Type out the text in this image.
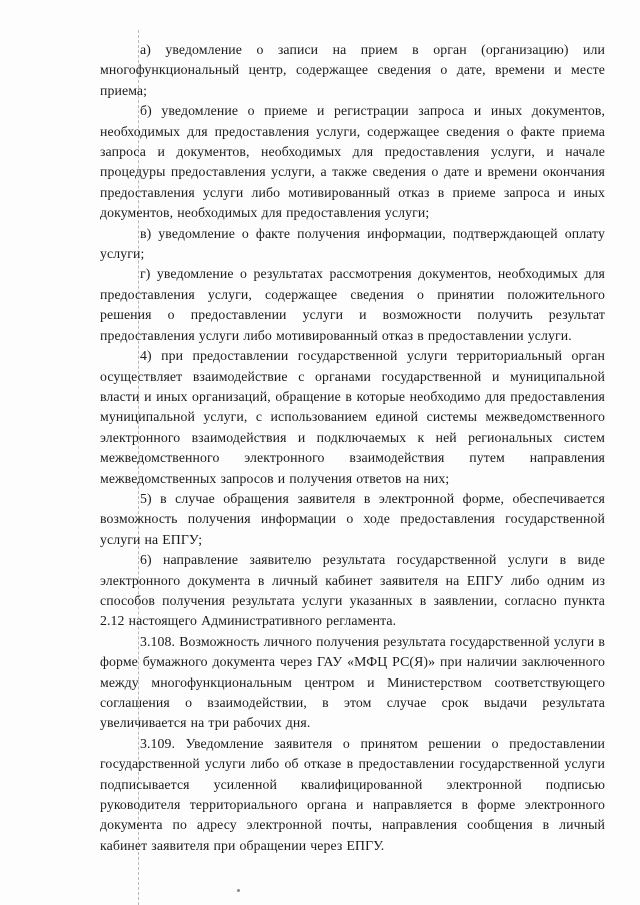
а) уведомление о записи на прием в орган (организацию) или многофункциональный центр, содержащее сведения о дате, времени и месте приема;

б) уведомление о приеме и регистрации запроса и иных документов, необходимых для предоставления услуги, содержащее сведения о факте приема запроса и документов, необходимых для предоставления услуги, и начале процедуры предоставления услуги, а также сведения о дате и времени окончания предоставления услуги либо мотивированный отказ в приеме запроса и иных документов, необходимых для предоставления услуги;

в) уведомление о факте получения информации, подтверждающей оплату услуги;

г) уведомление о результатах рассмотрения документов, необходимых для предоставления услуги, содержащее сведения о принятии положительного решения о предоставлении услуги и возможности получить результат предоставления услуги либо мотивированный отказ в предоставлении услуги.

4) при предоставлении государственной услуги территориальный орган осуществляет взаимодействие с органами государственной и муниципальной власти и иных организаций, обращение в которые необходимо для предоставления муниципальной услуги, с использованием единой системы межведомственного электронного взаимодействия и подключаемых к ней региональных систем межведомственного электронного взаимодействия путем направления межведомственных запросов и получения ответов на них;

5) в случае обращения заявителя в электронной форме, обеспечивается возможность получения информации о ходе предоставления государственной услуги на ЕПГУ;

6) направление заявителю результата государственной услуги в виде электронного документа в личный кабинет заявителя на ЕПГУ либо одним из способов получения результата услуги указанных в заявлении, согласно пункта 2.12 настоящего Административного регламента.

3.108. Возможность личного получения результата государственной услуги в форме бумажного документа через ГАУ «МФЦ РС(Я)» при наличии заключенного между многофункциональным центром и Министерством соответствующего соглашения о взаимодействии, в этом случае срок выдачи результата увеличивается на три рабочих дня.

3.109. Уведомление заявителя о принятом решении о предоставлении государственной услуги либо об отказе в предоставлении государственной услуги подписывается усиленной квалифицированной электронной подписью руководителя территориального органа и направляется в форме электронного документа по адресу электронной почты, направления сообщения в личный кабинет заявителя при обращении через ЕПГУ.
